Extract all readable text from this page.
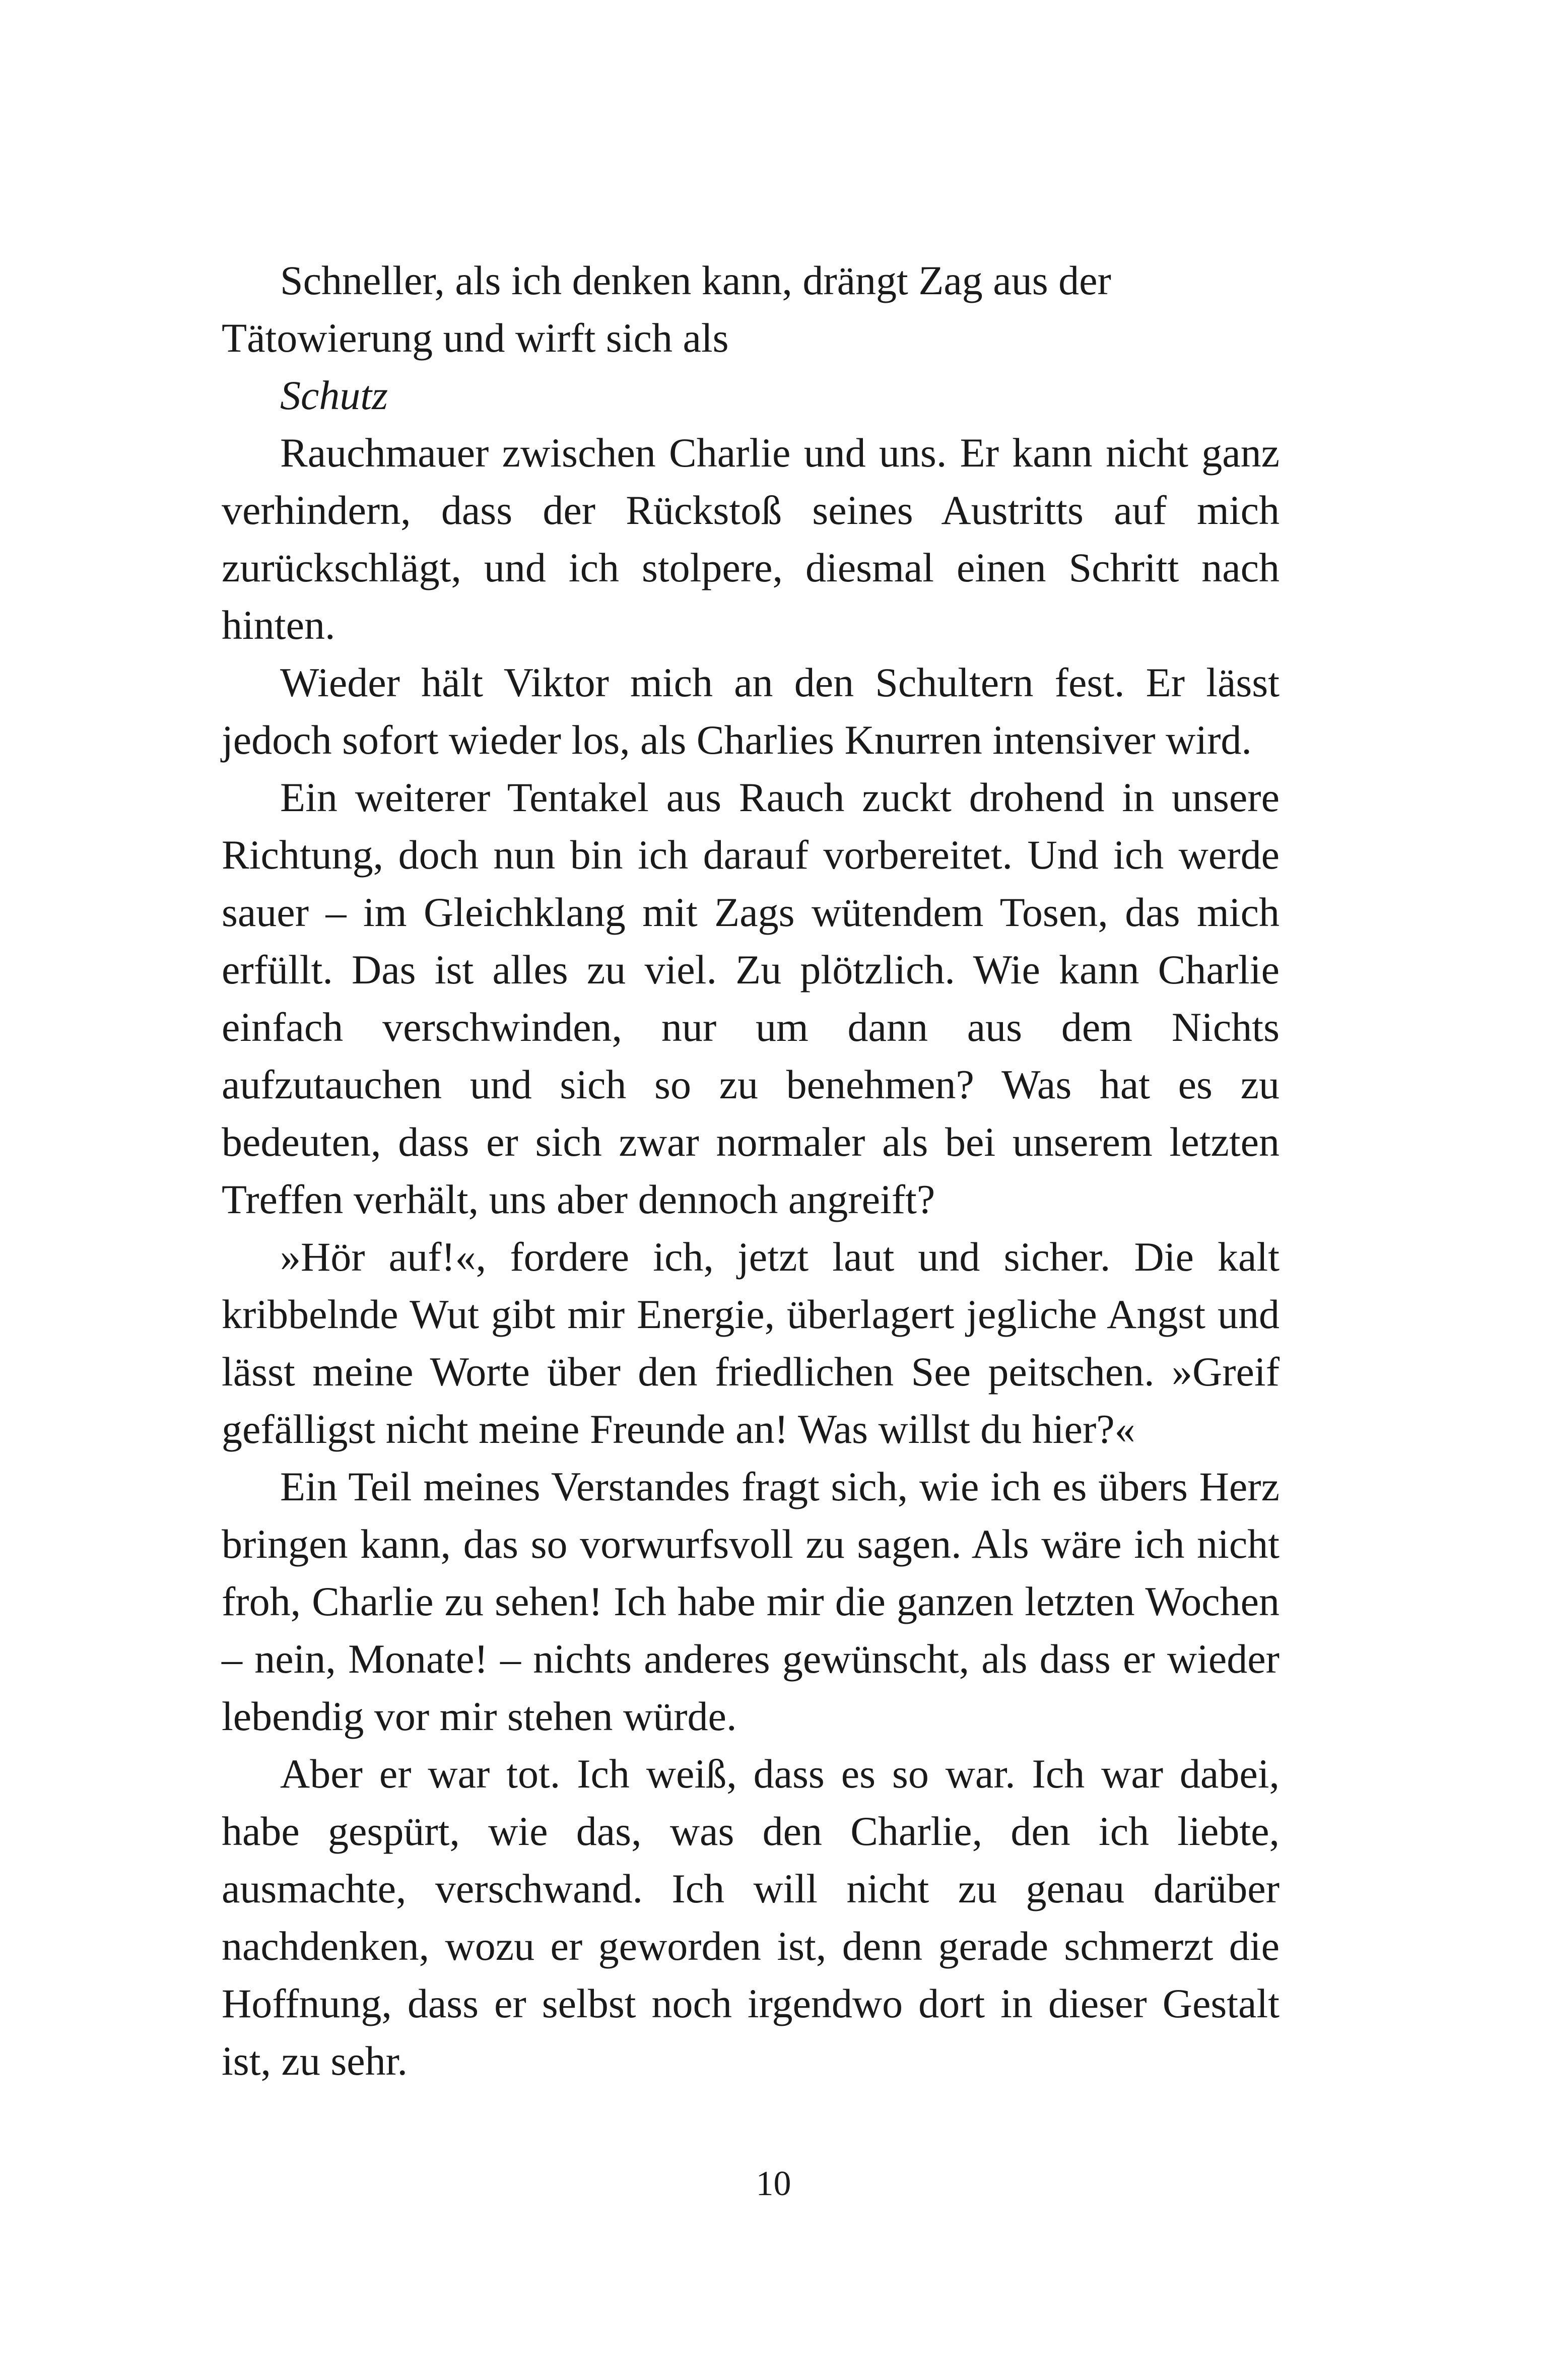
Schneller, als ich denken kann, drängt Zag aus der Tätowierung und wirft sich als

Schutz

Rauchmauer zwischen Charlie und uns. Er kann nicht ganz verhindern, dass der Rückstoß seines Austritts auf mich zurückschlägt, und ich stolpere, diesmal einen Schritt nach hinten.

Wieder hält Viktor mich an den Schultern fest. Er lässt jedoch sofort wieder los, als Charlies Knurren intensiver wird.

Ein weiterer Tentakel aus Rauch zuckt drohend in unsere Richtung, doch nun bin ich darauf vorbereitet. Und ich werde sauer – im Gleichklang mit Zags wütendem Tosen, das mich erfüllt. Das ist alles zu viel. Zu plötzlich. Wie kann Charlie einfach verschwinden, nur um dann aus dem Nichts aufzutauchen und sich so zu benehmen? Was hat es zu bedeuten, dass er sich zwar normaler als bei unserem letzten Treffen verhält, uns aber dennoch angreift?

»Hör auf!«, fordere ich, jetzt laut und sicher. Die kalt kribbelnde Wut gibt mir Energie, überlagert jegliche Angst und lässt meine Worte über den friedlichen See peitschen. »Greif gefälligst nicht meine Freunde an! Was willst du hier?«

Ein Teil meines Verstandes fragt sich, wie ich es übers Herz bringen kann, das so vorwurfsvoll zu sagen. Als wäre ich nicht froh, Charlie zu sehen! Ich habe mir die ganzen letzten Wochen – nein, Monate! – nichts anderes gewünscht, als dass er wieder lebendig vor mir stehen würde.

Aber er war tot. Ich weiß, dass es so war. Ich war dabei, habe gespürt, wie das, was den Charlie, den ich liebte, ausmachte, verschwand. Ich will nicht zu genau darüber nachdenken, wozu er geworden ist, denn gerade schmerzt die Hoffnung, dass er selbst noch irgendwo dort in dieser Gestalt ist, zu sehr.

10
